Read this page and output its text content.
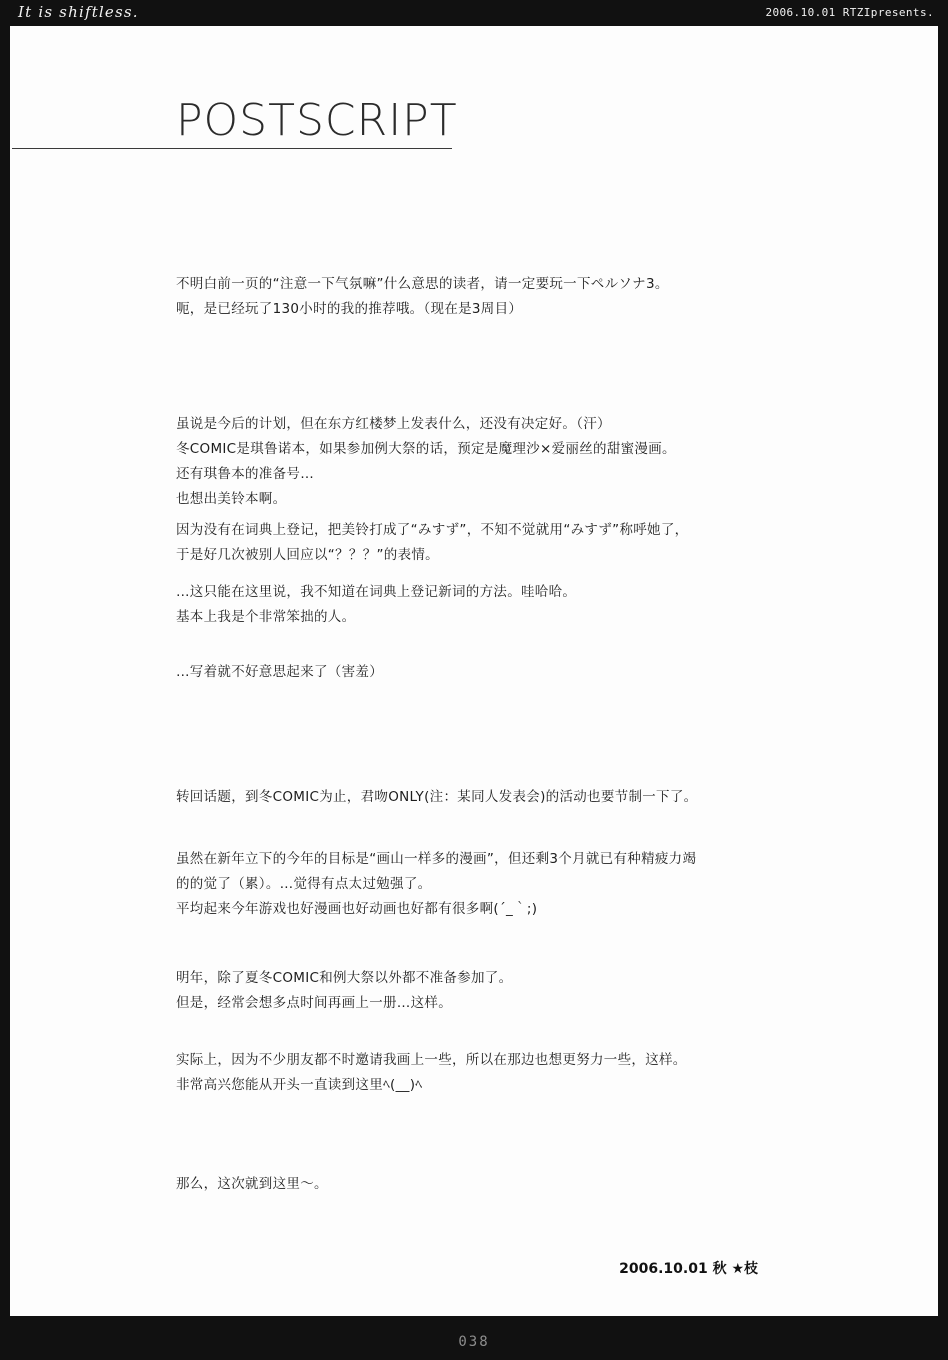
It is shiftless.	2006.10.01 RTZIpresents.
POSTSCRIPT

不明白前一页的“注意一下气氛嘛”什么意思的读者，请一定要玩一下ペルソナ3。

呃，是已经玩了130小时的我的推荐哦。（现在是3周目）

虽说是今后的计划，但在东方红楼梦上发表什么，还没有决定好。（汗）

冬COMIC是琪鲁诺本，如果参加例大祭的话，预定是魔理沙×爱丽丝的甜蜜漫画。

还有琪鲁本的准备号…

也想出美铃本啊。

因为没有在词典上登记，把美铃打成了“みすず”，不知不觉就用“みすず”称呼她了，

于是好几次被别人回应以“？？？”的表情。

…这只能在这里说，我不知道在词典上登记新词的方法。哇哈哈。

基本上我是个非常笨拙的人。

…写着就不好意思起来了（害羞）

转回话题，到冬COMIC为止，君吻ONLY(注：某同人发表会)的活动也要节制一下了。

虽然在新年立下的今年的目标是“画山一样多的漫画”，但还剩3个月就已有种精疲力竭

的的觉了（累）。…觉得有点太过勉强了。

平均起来今年游戏也好漫画也好动画也好都有很多啊(´_｀;)

明年，除了夏冬COMIC和例大祭以外都不准备参加了。

但是，经常会想多点时间再画上一册…这样。

实际上，因为不少朋友都不时邀请我画上一些，所以在那边也想更努力一些，这样。

非常高兴您能从开头一直读到这里ﾍ(__)ﾍ

那么，这次就到这里～。

2006.10.01 秋 ★枝
038
